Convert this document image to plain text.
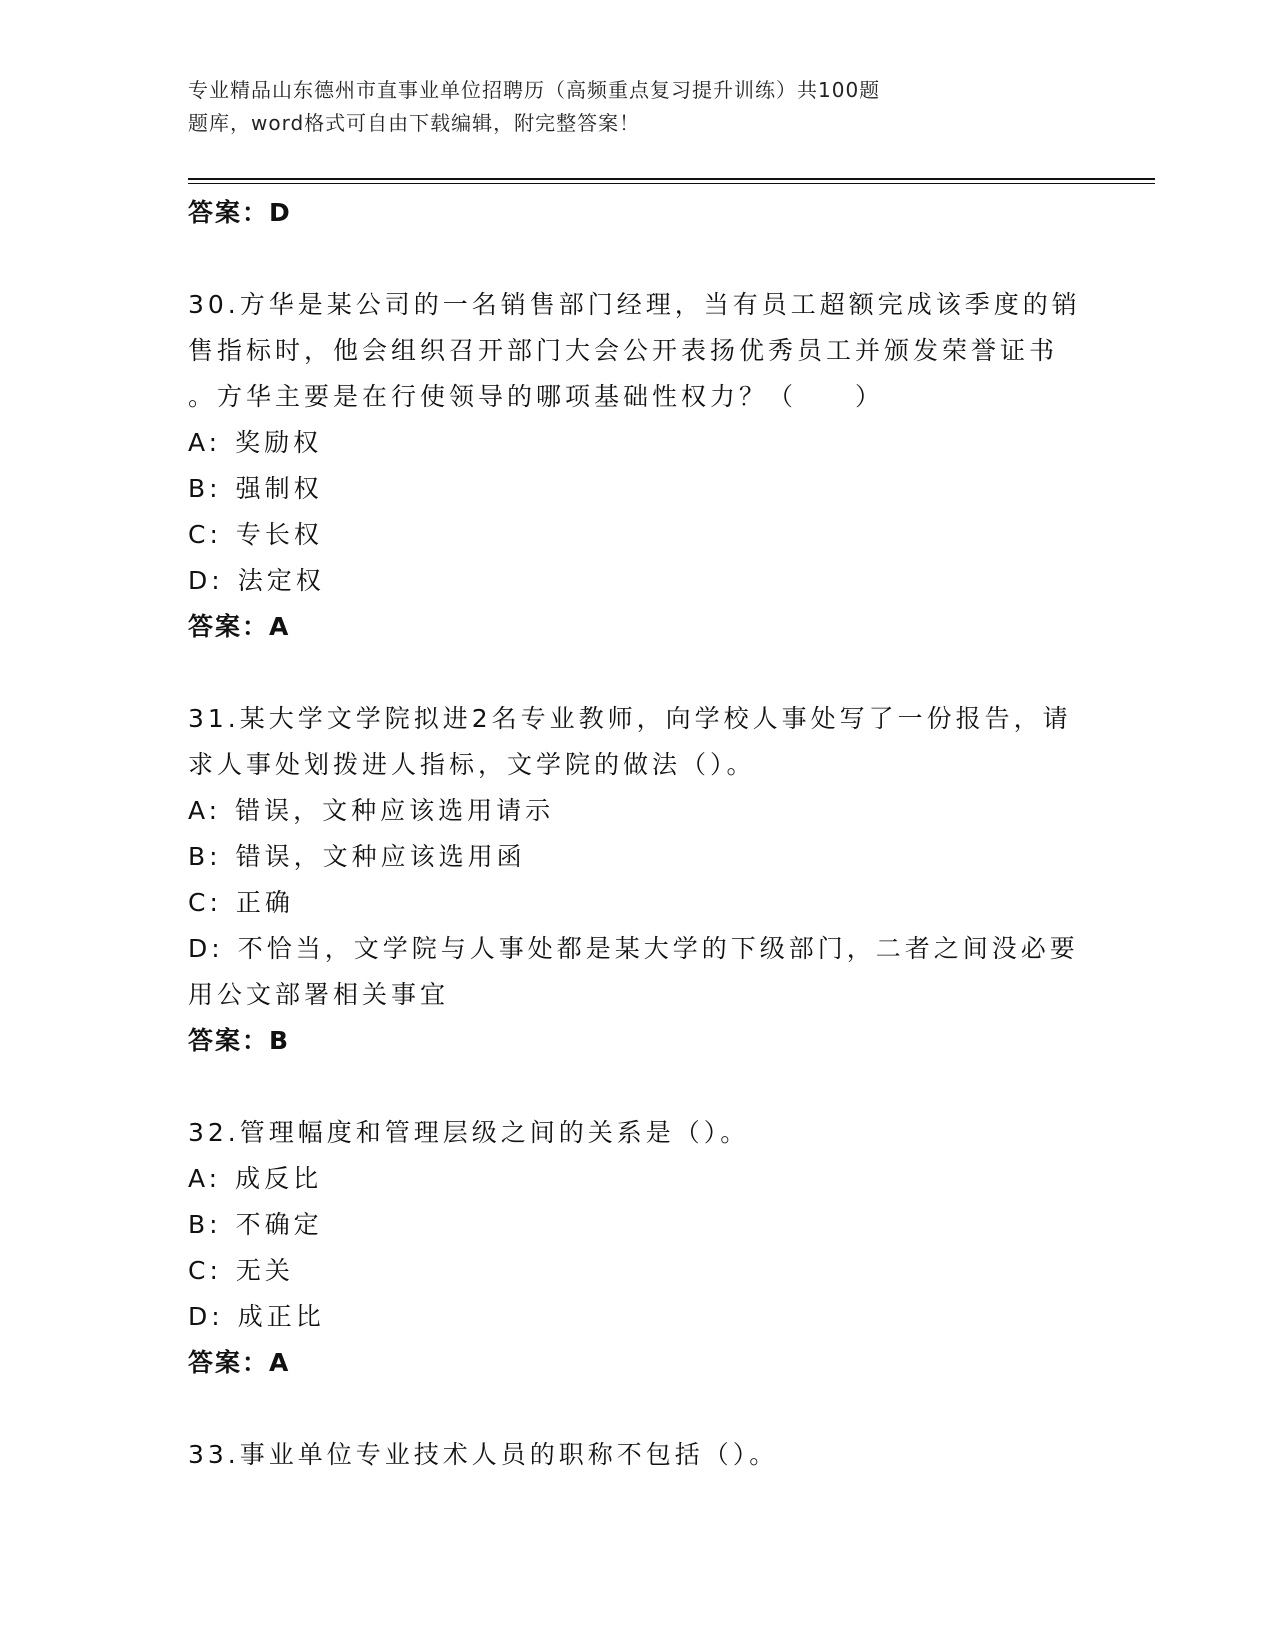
专业精品山东德州市直事业单位招聘历（高频重点复习提升训练）共100题
题库，word格式可自由下载编辑，附完整答案！
答案：D
30.方华是某公司的一名销售部门经理，当有员工超额完成该季度的销
售指标时，他会组织召开部门大会公开表扬优秀员工并颁发荣誉证书
。方华主要是在行使领导的哪项基础性权力？（　　）
A: 奖励权
B: 强制权
C: 专长权
D: 法定权
答案：A
31.某大学文学院拟进2名专业教师，向学校人事处写了一份报告，请
求人事处划拨进人指标，文学院的做法（）。
A: 错误，文种应该选用请示
B: 错误，文种应该选用函
C: 正确
D: 不恰当，文学院与人事处都是某大学的下级部门，二者之间没必要
用公文部署相关事宜
答案：B
32.管理幅度和管理层级之间的关系是（）。
A: 成反比
B: 不确定
C: 无关
D: 成正比
答案：A
33.事业单位专业技术人员的职称不包括（）。
